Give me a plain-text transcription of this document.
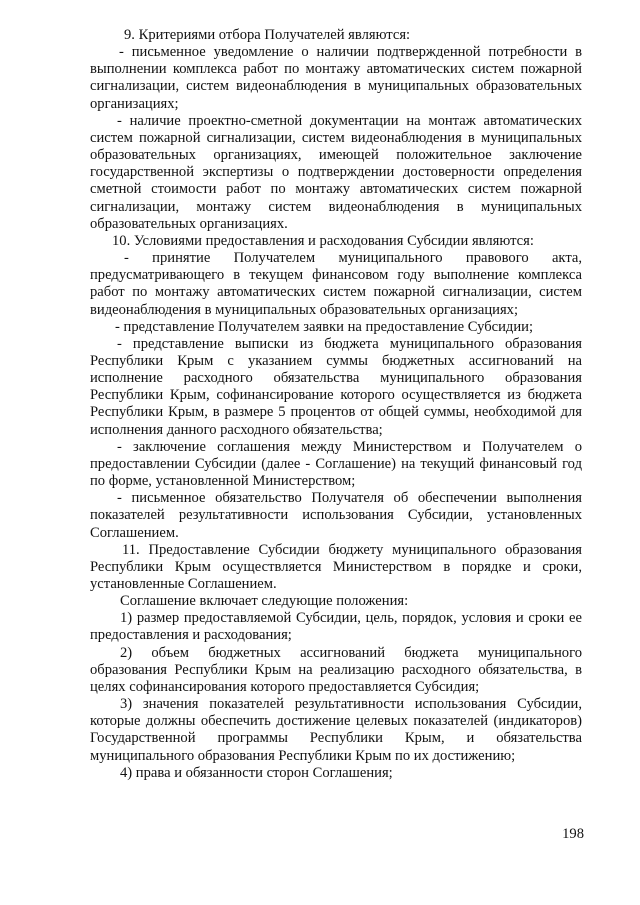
9. Критериями отбора Получателей являются:

- письменное уведомление о наличии подтвержденной потребности в выполнении комплекса работ по монтажу автоматических систем пожарной сигнализации, систем видеонаблюдения в муниципальных образовательных организациях;

- наличие проектно-сметной документации на монтаж автоматических систем пожарной сигнализации, систем видеонаблюдения в муниципальных образовательных организациях, имеющей положительное заключение государственной экспертизы о подтверждении достоверности определения сметной стоимости работ по монтажу автоматических систем пожарной сигнализации, монтажу систем видеонаблюдения в муниципальных образовательных организациях.

10. Условиями предоставления и расходования Субсидии являются:

- принятие Получателем муниципального правового акта, предусматривающего в текущем финансовом году выполнение комплекса работ по монтажу автоматических систем пожарной сигнализации, систем видеонаблюдения в муниципальных образовательных организациях;

- представление Получателем заявки на предоставление Субсидии;

- представление выписки из бюджета муниципального образования Республики Крым с указанием суммы бюджетных ассигнований на исполнение расходного обязательства муниципального образования Республики Крым, софинансирование которого осуществляется из бюджета Республики Крым, в размере 5 процентов от общей суммы, необходимой для исполнения данного расходного обязательства;

- заключение соглашения между Министерством и Получателем о предоставлении Субсидии (далее - Соглашение) на текущий финансовый год по форме, установленной Министерством;

- письменное обязательство Получателя об обеспечении выполнения показателей результативности использования Субсидии, установленных Соглашением.

11. Предоставление Субсидии бюджету муниципального образования Республики Крым осуществляется Министерством в порядке и сроки, установленные Соглашением.

Соглашение включает следующие положения:

1) размер предоставляемой Субсидии, цель, порядок, условия и сроки ее предоставления и расходования;

2) объем бюджетных ассигнований бюджета муниципального образования Республики Крым на реализацию расходного обязательства, в целях софинансирования которого предоставляется Субсидия;

3) значения показателей результативности использования Субсидии, которые должны обеспечить достижение целевых показателей (индикаторов) Государственной программы Республики Крым, и обязательства муниципального образования Республики Крым по их достижению;

4) права и обязанности сторон Соглашения;

198
